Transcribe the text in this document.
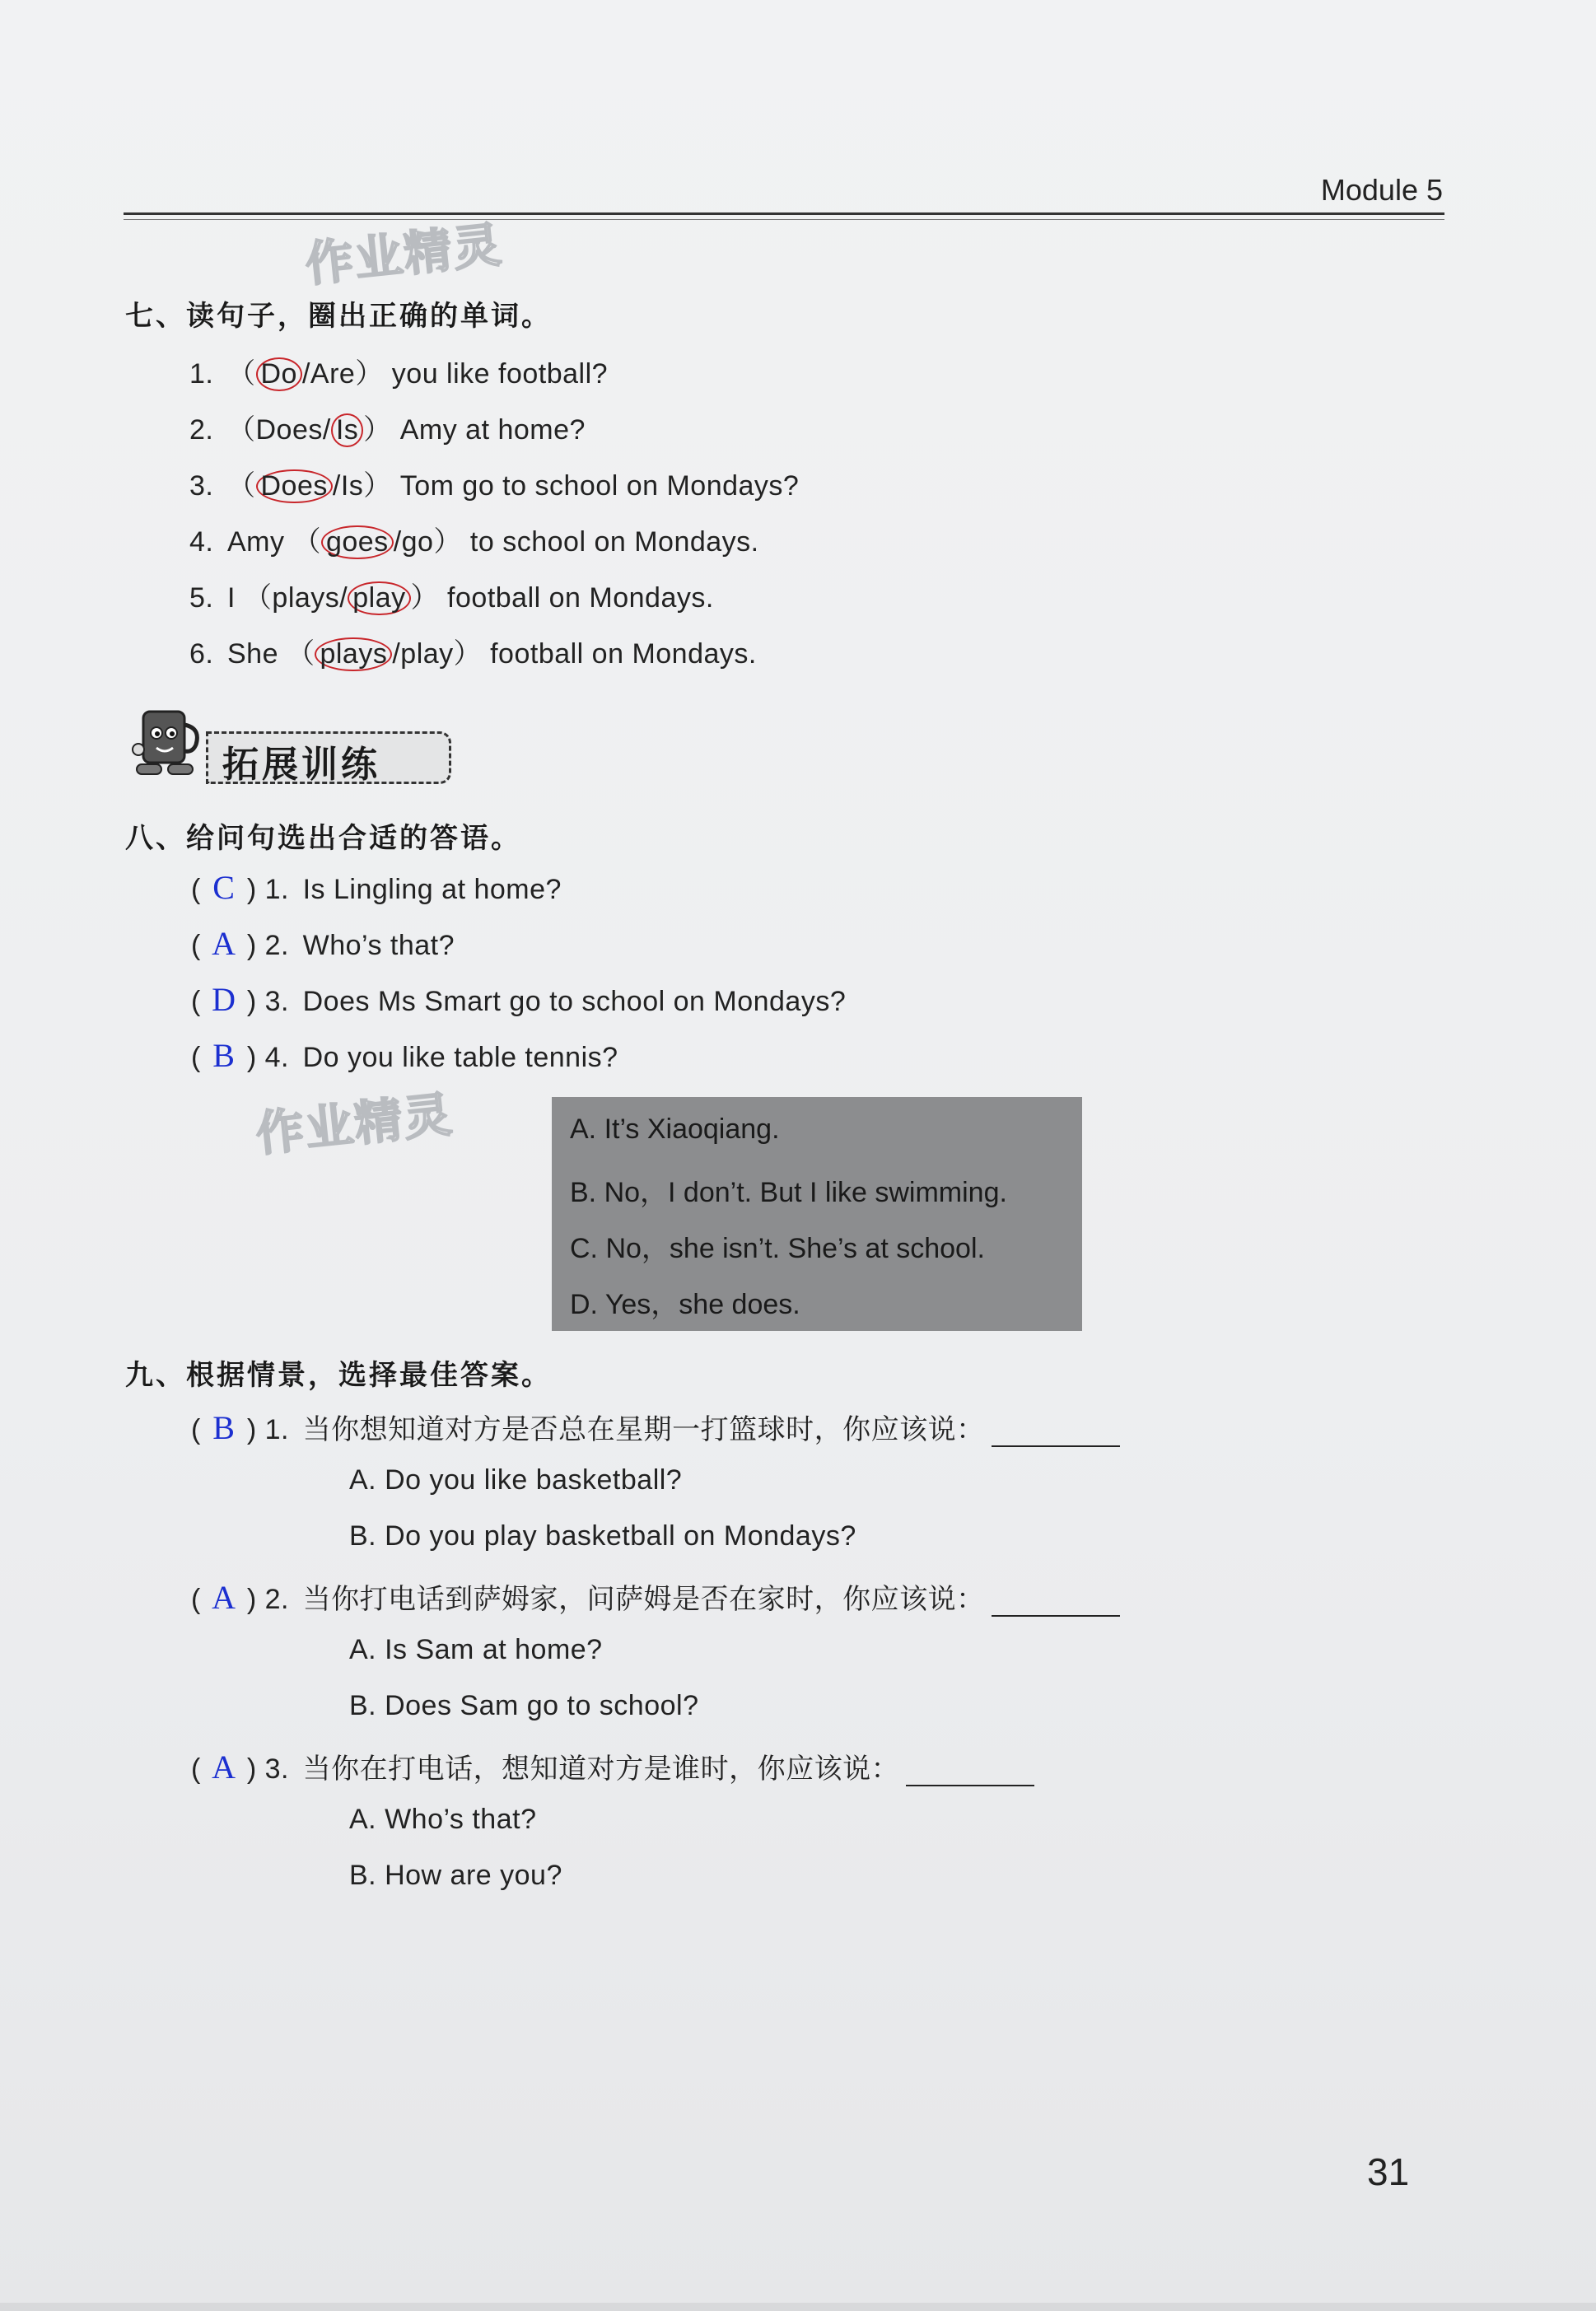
Module 5
作业精灵
七、读句子，圈出正确的单词。
1. （ Do /Are） you like football?
2. （Does/ Is ） Amy at home?
3. （ Does /Is） Tom go to school on Mondays?
4. Amy （ goes /go） to school on Mondays.
5. I （plays/ play ） football on Mondays.
6. She （ plays /play） football on Mondays.
拓展训练
八、给问句选出合适的答语。
( C ) 1. Is Lingling at home?
( A ) 2. Who’s that?
( D ) 3. Does Ms Smart go to school on Mondays?
( B ) 4. Do you like table tennis?
作业精灵	A. It’s Xiaoqiang.
B. No，I don’t. But I like swimming.
C. No，she isn’t. She’s at school.
D. Yes，she does.
九、根据情景，选择最佳答案。
( B ) 1. 当你想知道对方是否总在星期一打篮球时，你应该说：
A. Do you like basketball?
B. Do you play basketball on Mondays?
( A ) 2. 当你打电话到萨姆家，问萨姆是否在家时，你应该说：
A. Is Sam at home?
B. Does Sam go to school?
( A ) 3. 当你在打电话，想知道对方是谁时，你应该说：
A. Who’s that?
B. How are you?
31
